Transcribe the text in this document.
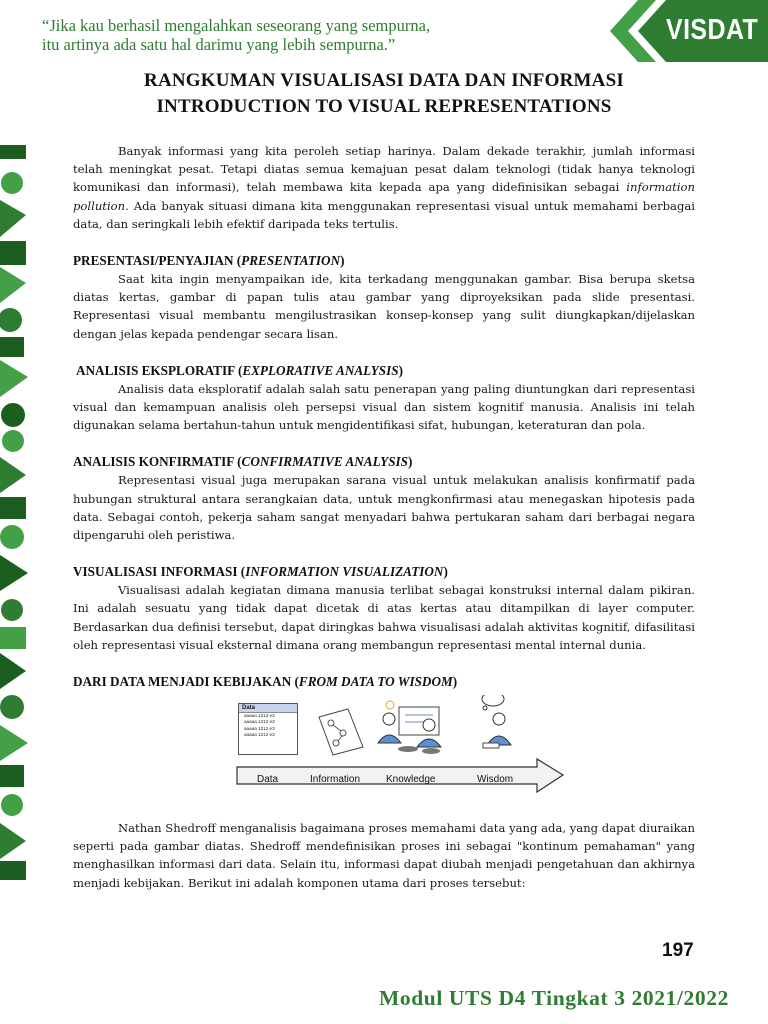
“Jika kau berhasil mengalahkan seseorang yang sempurna,
itu artinya ada satu hal darimu yang lebih sempurna.”	VISDAT
RANGKUMAN VISUALISASI DATA DAN INFORMASI
INTRODUCTION TO VISUAL REPRESENTATIONS

Banyak informasi yang kita peroleh setiap harinya. Dalam dekade terakhir, jumlah informasi telah meningkat pesat. Tetapi diatas semua kemajuan pesat dalam teknologi (tidak hanya teknologi komunikasi dan informasi), telah membawa kita kepada apa yang didefinisikan sebagai information pollution. Ada banyak situasi dimana kita menggunakan representasi visual untuk memahami berbagai data, dan seringkali lebih efektif daripada teks tertulis.

PRESENTASI/PENYAJIAN (PRESENTATION)

Saat kita ingin menyampaikan ide, kita terkadang menggunakan gambar. Bisa berupa sketsa diatas kertas, gambar di papan tulis atau gambar yang diproyeksikan pada slide presentasi. Representasi visual membantu mengilustrasikan konsep-konsep yang sulit diungkapkan/dijelaskan dengan jelas kepada pendengar secara lisan.

ANALISIS EKSPLORATIF (EXPLORATIVE ANALYSIS)

Analisis data eksploratif adalah salah satu penerapan yang paling diuntungkan dari representasi visual dan kemampuan analisis oleh persepsi visual dan sistem kognitif manusia. Analisis ini telah digunakan selama bertahun-tahun untuk mengidentifikasi sifat, hubungan, keteraturan dan pola.

ANALISIS KONFIRMATIF (CONFIRMATIVE ANALYSIS)

Representasi visual juga merupakan sarana visual untuk melakukan analisis konfirmatif pada hubungan struktural antara serangkaian data, untuk mengkonfirmasi atau menegaskan hipotesis pada data. Sebagai contoh, pekerja saham sangat menyadari bahwa pertukaran saham dari berbagai negara dipengaruhi oleh peristiwa.

VISUALISASI INFORMASI (INFORMATION VISUALIZATION)

Visualisasi adalah kegiatan dimana manusia terlibat sebagai konstruksi internal dalam pikiran. Ini adalah sesuatu yang tidak dapat dicetak di atas kertas atau ditampilkan di layer computer. Berdasarkan dua definisi tersebut, dapat diringkas bahwa visualisasi adalah aktivitas kognitif, difasilitasi oleh representasi visual eksternal dimana orang membangun representasi mental internal dunia.

DARI DATA MENJADI KEBIJAKAN (FROM DATA TO WISDOM)
Data
aaaaa 1212 e3
aaaaa 1212 e3
aaaaa 1212 e3
aaaaa 1212 e3
Data	Information	Knowledge	Wisdom

Nathan Shedroff menganalisis bagaimana proses memahami data yang ada, yang dapat diuraikan seperti pada gambar diatas. Shedroff mendefinisikan proses ini sebagai "kontinum pemahaman" yang menghasilkan informasi dari data. Selain itu, informasi dapat diubah menjadi pengetahuan dan akhirnya menjadi kebijakan. Berikut ini adalah komponen utama dari proses tersebut:

197
Modul UTS D4 Tingkat 3 2021/2022
